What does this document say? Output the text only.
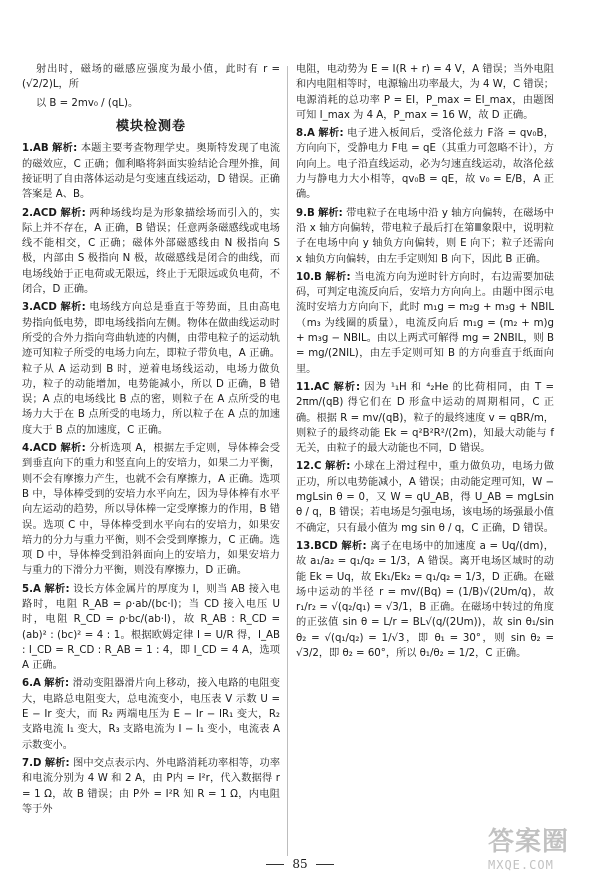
射出时，磁场的磁感应强度为最小值，此时有 r = (√2/2)L，所

以 B = 2mv₀ / (qL)。

模块检测卷

1.AB 解析: 本题主要考查物理学史。奥斯特发现了电流的磁效应，C 正确；伽利略将斜面实验结论合理外推，间接证明了自由落体运动是匀变速直线运动，D 错误。正确答案是 A、B。

2.ACD 解析: 两种场线均是为形象描绘场而引入的，实际上并不存在，A 正确，B 错误；任意两条磁感线或电场线不能相交，C 正确；磁体外部磁感线由 N 极指向 S 极，内部由 S 极指向 N 极，故磁感线是闭合的曲线，而电场线始于正电荷或无限远，终止于无限远或负电荷，不闭合，D 正确。

3.ACD 解析: 电场线方向总是垂直于等势面，且由高电势指向低电势，即电场线指向左侧。物体在做曲线运动时所受的合外力指向弯曲轨迹的内侧，由带电粒子的运动轨迹可知粒子所受的电场力向左，即粒子带负电，A 正确。粒子从 A 运动到 B 时，逆着电场线运动，电场力做负功，粒子的动能增加，电势能减小，所以 D 正确，B 错误；A 点的电场线比 B 点的密，则粒子在 A 点所受的电场力大于在 B 点所受的电场力，所以粒子在 A 点的加速度大于 B 点的加速度，C 正确。

4.ACD 解析: 分析选项 A，根据左手定则，导体棒会受到垂直向下的重力和竖直向上的安培力，如果二力平衡，则不会有摩擦力产生，也就不会有摩擦力，A 正确。选项 B 中，导体棒受到的安培力水平向左，因为导体棒有水平向左运动的趋势，所以导体棒一定受摩擦力的作用，B 错误。选项 C 中，导体棒受到水平向右的安培力，如果安培力的分力与重力平衡，则不会受到摩擦力，C 正确。选项 D 中，导体棒受到沿斜面向上的安培力，如果安培力与重力的下滑分力平衡，则没有摩擦力，D 正确。

5.A 解析: 设长方体金属片的厚度为 l，则当 AB 接入电路时，电阻 R_AB = ρ·ab/(bc·l)；当 CD 接入电压 U 时，电阻 R_CD = ρ·bc/(ab·l)，故 R_AB : R_CD = (ab)² : (bc)² = 4 : 1。根据欧姆定律 I = U/R 得，I_AB : I_CD = R_CD : R_AB = 1 : 4，即 I_CD = 4 A，选项 A 正确。

6.A 解析: 滑动变阻器滑片向上移动，接入电路的电阻变大，电路总电阻变大，总电流变小，电压表 V 示数 U = E − Ir 变大，而 R₂ 两端电压为 E − Ir − IR₁ 变大，R₂ 支路电流 I₁ 变大，R₃ 支路电流为 I − I₁ 变小，电流表 A 示数变小。

7.D 解析: 图中交点表示内、外电路消耗功率相等，功率和电流分别为 4 W 和 2 A，由 P内 = I²r，代入数据得 r = 1 Ω，故 B 错误；由 P外 = I²R 知 R = 1 Ω，内电阻等于外

电阻，电动势为 E = I(R + r) = 4 V，A 错误；当外电阻和内电阻相等时，电源输出功率最大，为 4 W，C 错误；电源消耗的总功率 P = EI，P_max = EI_max，由题图可知 I_max 为 4 A，P_max = 16 W，故 D 正确。

8.A 解析: 电子进入板间后，受洛伦兹力 F洛 = qv₀B，方向向下，受静电力 F电 = qE（其重力可忽略不计），方向向上。电子沿直线运动，必为匀速直线运动，故洛伦兹力与静电力大小相等，qv₀B = qE，故 v₀ = E/B，A 正确。

9.B 解析: 带电粒子在电场中沿 y 轴方向偏转，在磁场中沿 x 轴方向偏转，带电粒子最后打在第Ⅲ象限中，说明粒子在电场中向 y 轴负方向偏转，则 E 向下；粒子还需向 x 轴负方向偏转，由左手定则知 B 向下，因此 B 正确。

10.B 解析: 当电流方向为逆时针方向时，右边需要加砝码，可判定电流反向后，安培力方向向上。由题中图示电流时安培力方向向下，此时 m₁g = m₂g + m₃g + NBIL（m₃ 为线圈的质量），电流反向后 m₁g = (m₂ + m)g + m₃g − NBIL。由以上两式可解得 mg = 2NBIL，则 B = mg/(2NIL)，由左手定则可知 B 的方向垂直于纸面向里。

11.AC 解析: 因为 ¹₁H 和 ⁴₂He 的比荷相同，由 T = 2πm/(qB) 得它们在 D 形盒中运动的周期相同，C 正确。根据 R = mv/(qB)，粒子的最终速度 v = qBR/m，则粒子的最终动能 Ek = q²B²R²/(2m)，知最大动能与 f 无关，由粒子的最大动能也不同，D 错误。

12.C 解析: 小球在上滑过程中，重力做负功，电场力做正功，所以电势能减小，A 错误；由动能定理可知，W − mgLsin θ = 0，又 W = qU_AB，得 U_AB = mgLsin θ / q，B 错误；若电场是匀强电场，该电场的场强最小值不确定，只有最小值为 mg sin θ / q，C 正确，D 错误。

13.BCD 解析: 离子在电场中的加速度 a = Uq/(dm)，故 a₁/a₂ = q₁/q₂ = 1/3，A 错误。离开电场区域时的动能 Ek = Uq，故 Ek₁/Ek₂ = q₁/q₂ = 1/3，D 正确。在磁场中运动的半径 r = mv/(Bq) = (1/B)√(2Um/q)，故 r₁/r₂ = √(q₂/q₁) = √3/1，B 正确。在磁场中转过的角度的正弦值 sin θ = L/r = BL√(q/(2Um))，故 sin θ₁/sin θ₂ = √(q₁/q₂) = 1/√3，即 θ₁ = 30°，则 sin θ₂ = √3/2，即 θ₂ = 60°，所以 θ₁/θ₂ = 1/2，C 正确。

85
答案圈
MXQE.COM
